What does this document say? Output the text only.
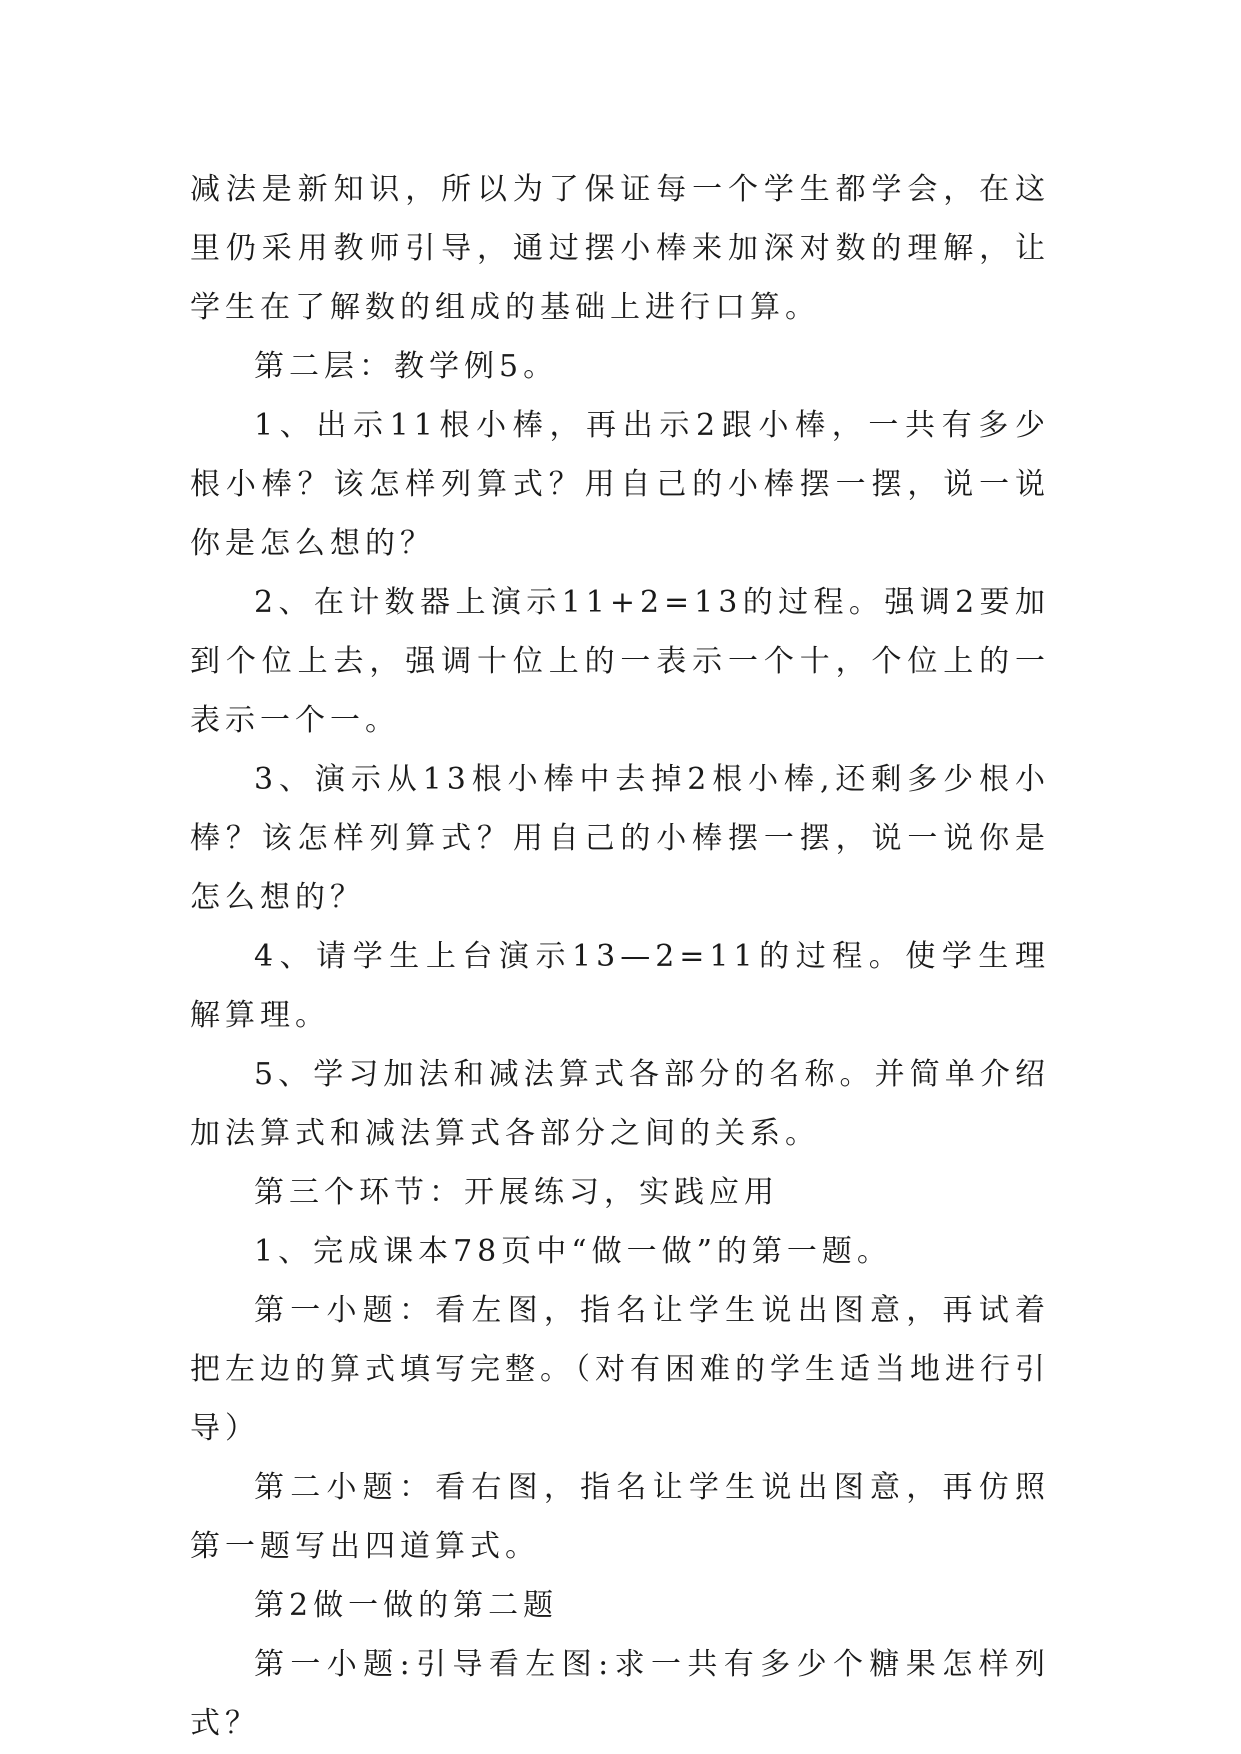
减法是新知识，所以为了保证每一个学生都学会，在这里仍采用教师引导，通过摆小棒来加深对数的理解，让学生在了解数的组成的基础上进行口算。

第二层：教学例5。

1、出示11根小棒，再出示2跟小棒，一共有多少根小棒？该怎样列算式？用自己的小棒摆一摆，说一说你是怎么想的？

2、在计数器上演示11+2=13的过程。强调2要加到个位上去，强调十位上的一表示一个十，个位上的一表示一个一。

3、演示从13根小棒中去掉2根小棒,还剩多少根小棒？该怎样列算式？用自己的小棒摆一摆，说一说你是怎么想的？

4、请学生上台演示13—2=11的过程。使学生理解算理。

5、学习加法和减法算式各部分的名称。并简单介绍加法算式和减法算式各部分之间的关系。

第三个环节：开展练习，实践应用

1、完成课本78页中“做一做”的第一题。

第一小题：看左图，指名让学生说出图意，再试着把左边的算式填写完整。（对有困难的学生适当地进行引导）

第二小题：看右图，指名让学生说出图意，再仿照第一题写出四道算式。

第2做一做的第二题

第一小题:引导看左图:求一共有多少个糖果怎样列式？
